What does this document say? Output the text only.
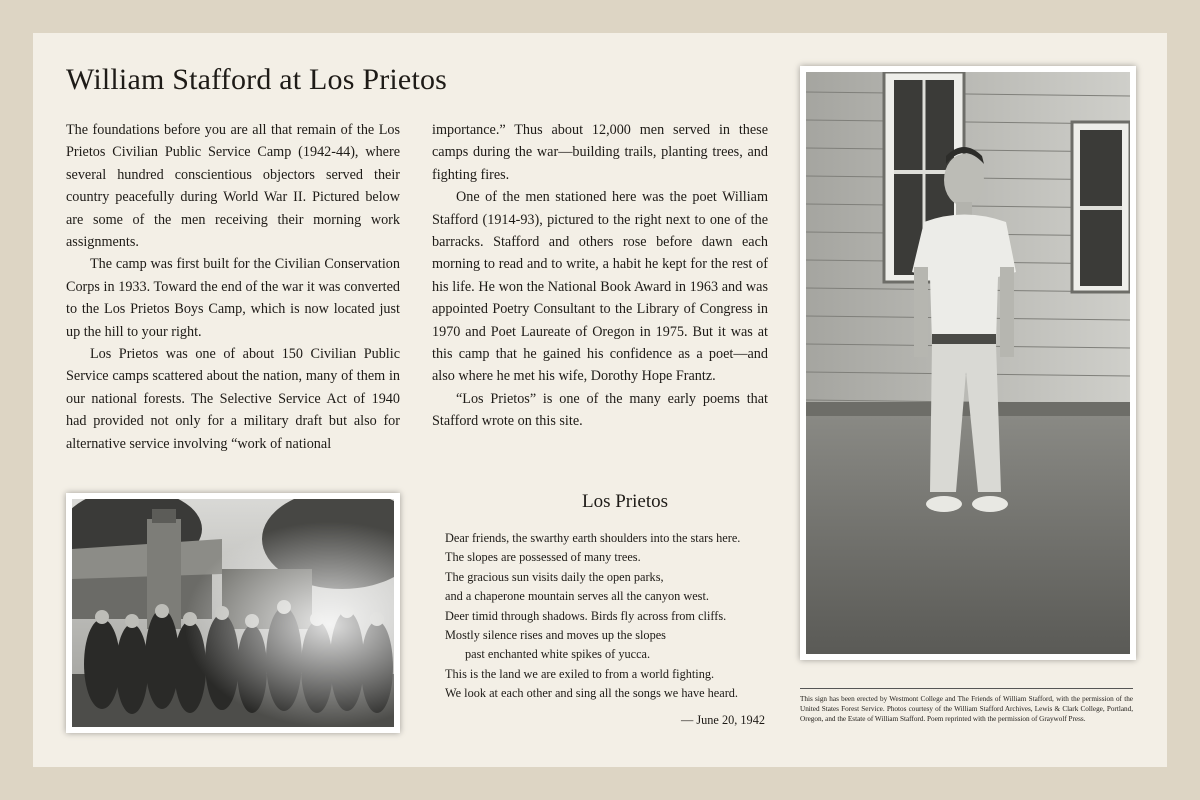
William Stafford at Los Prietos

The foundations before you are all that remain of the Los Prietos Civilian Public Service Camp (1942-44), where several hundred conscientious objectors served their country peacefully during World War II. Pictured below are some of the men receiving their morning work assignments.

The camp was first built for the Civilian Conservation Corps in 1933. Toward the end of the war it was converted to the Los Prietos Boys Camp, which is now located just up the hill to your right.

Los Prietos was one of about 150 Civilian Public Service camps scattered about the nation, many of them in our national forests. The Selective Service Act of 1940 had provided not only for a military draft but also for alternative service involving “work of national

importance.” Thus about 12,000 men served in these camps during the war—building trails, planting trees, and fighting fires.

One of the men stationed here was the poet William Stafford (1914-93), pictured to the right next to one of the barracks. Stafford and others rose before dawn each morning to read and to write, a habit he kept for the rest of his life. He won the National Book Award in 1963 and was appointed Poetry Consultant to the Library of Congress in 1970 and Poet Laureate of Oregon in 1975. But it was at this camp that he gained his confidence as a poet—and also where he met his wife, Dorothy Hope Frantz.

“Los Prietos” is one of the many early poems that Stafford wrote on this site.

Los Prietos

Dear friends, the swarthy earth shoulders into the stars here.

The slopes are possessed of many trees.

The gracious sun visits daily the open parks,

and a chaperone mountain serves all the canyon west.

Deer timid through shadows. Birds fly across from cliffs.

Mostly silence rises and moves up the slopes

past enchanted white spikes of yucca.

This is the land we are exiled to from a world fighting.

We look at each other and sing all the songs we have heard.

— June 20, 1942
This sign has been erected by Westmont College and The Friends of William Stafford, with the permission of the United States Forest Service. Photos courtesy of the William Stafford Archives, Lewis & Clark College, Portland, Oregon, and the Estate of William Stafford. Poem reprinted with the permission of Graywolf Press.
